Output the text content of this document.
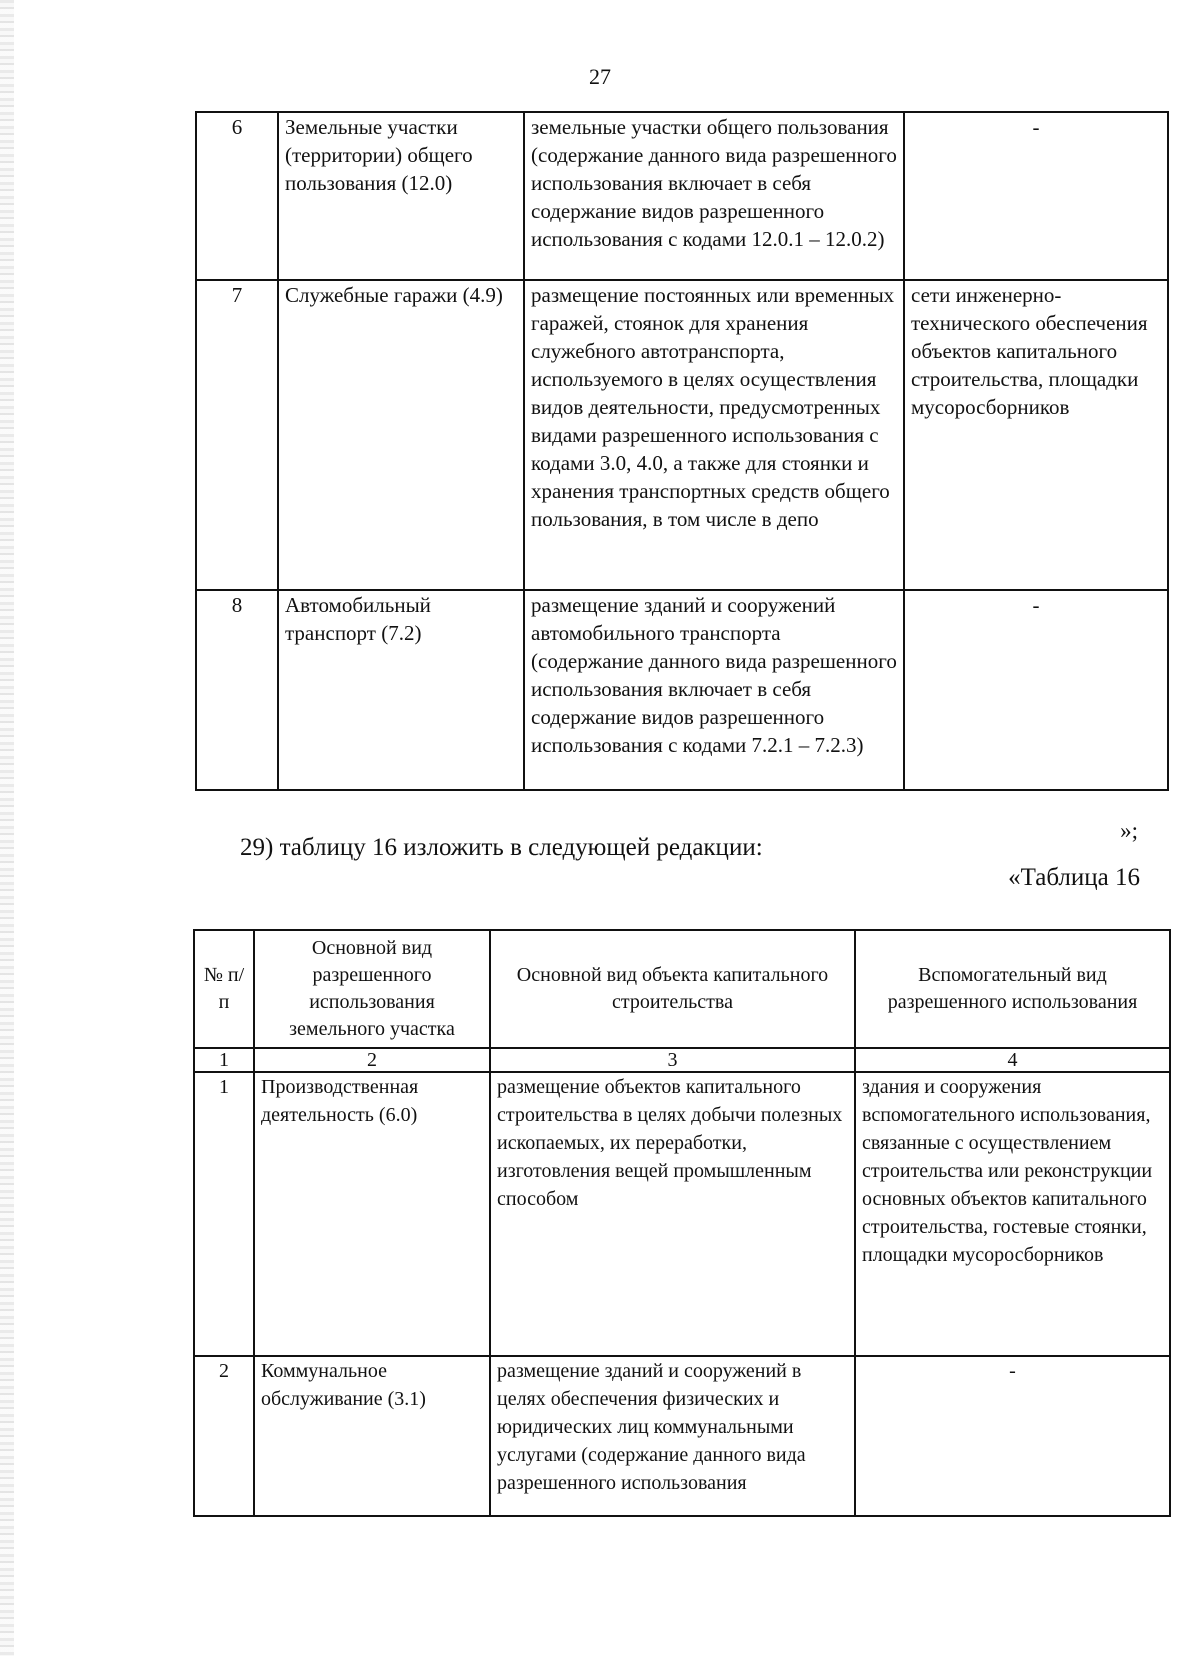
27
6	Земельные участки (территории) общего пользования (12.0)	земельные участки общего пользования (содержание данного вида разрешенного использования включает в себя содержание видов разрешенного использования с кодами 12.0.1 – 12.0.2)	-
7	Служебные гаражи (4.9)	размещение постоянных или временных гаражей, стоянок для хранения служебного автотранспорта, используемого в целях осуществления видов деятельности, предусмотренных видами разрешенного использования с кодами 3.0, 4.0, а также для стоянки и хранения транспортных средств общего пользования, в том числе в депо	сети инженерно-технического обеспечения объектов капитального строительства, площадки мусоросборников
8	Автомобильный транспорт (7.2)	размещение зданий и сооружений автомобильного транспорта (содержание данного вида разрешенного использования включает в себя содержание видов разрешенного использования с кодами 7.2.1 – 7.2.3)	-
»;
29) таблицу 16 изложить в следующей редакции:
«Таблица 16
№ п/п	Основной вид разрешенного использования земельного участка	Основной вид объекта капитального строительства	Вспомогательный вид разрешенного использования
1	2	3	4
1	Производственная деятельность (6.0)	размещение объектов капитального строительства в целях добычи полезных ископаемых, их переработки, изготовления вещей промышленным способом	здания и сооружения вспомогательного использования, связанные с осуществлением строительства или реконструкции основных объектов капитального строительства, гостевые стоянки, площадки мусоросборников
2	Коммунальное обслуживание (3.1)	размещение зданий и сооружений в целях обеспечения физических и юридических лиц коммунальными услугами (содержание данного вида разрешенного использования	-
